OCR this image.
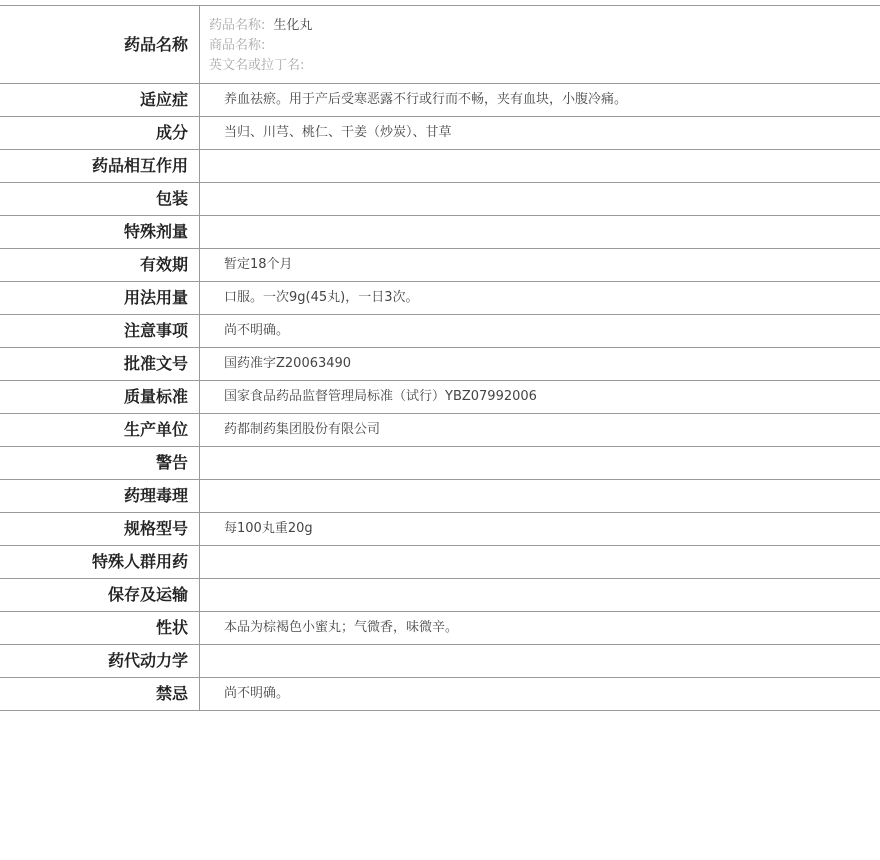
药品名称
药品名称: 生化丸
商品名称:
英文名或拉丁名:
适应症	养血祛瘀。用于产后受寒恶露不行或行而不畅，夹有血块，小腹冷痛。
成分	当归、川芎、桃仁、干姜（炒炭）、甘草
药品相互作用
包装
特殊剂量
有效期	暂定18个月
用法用量	口服。一次9g(45丸)，一日3次。
注意事项	尚不明确。
批准文号	国药准字Z20063490
质量标准	国家食品药品监督管理局标准（试行）YBZ07992006
生产单位	药都制药集团股份有限公司
警告
药理毒理
规格型号	每100丸重20g
特殊人群用药
保存及运输
性状	本品为棕褐色小蜜丸；气微香，味微辛。
药代动力学
禁忌	尚不明确。
